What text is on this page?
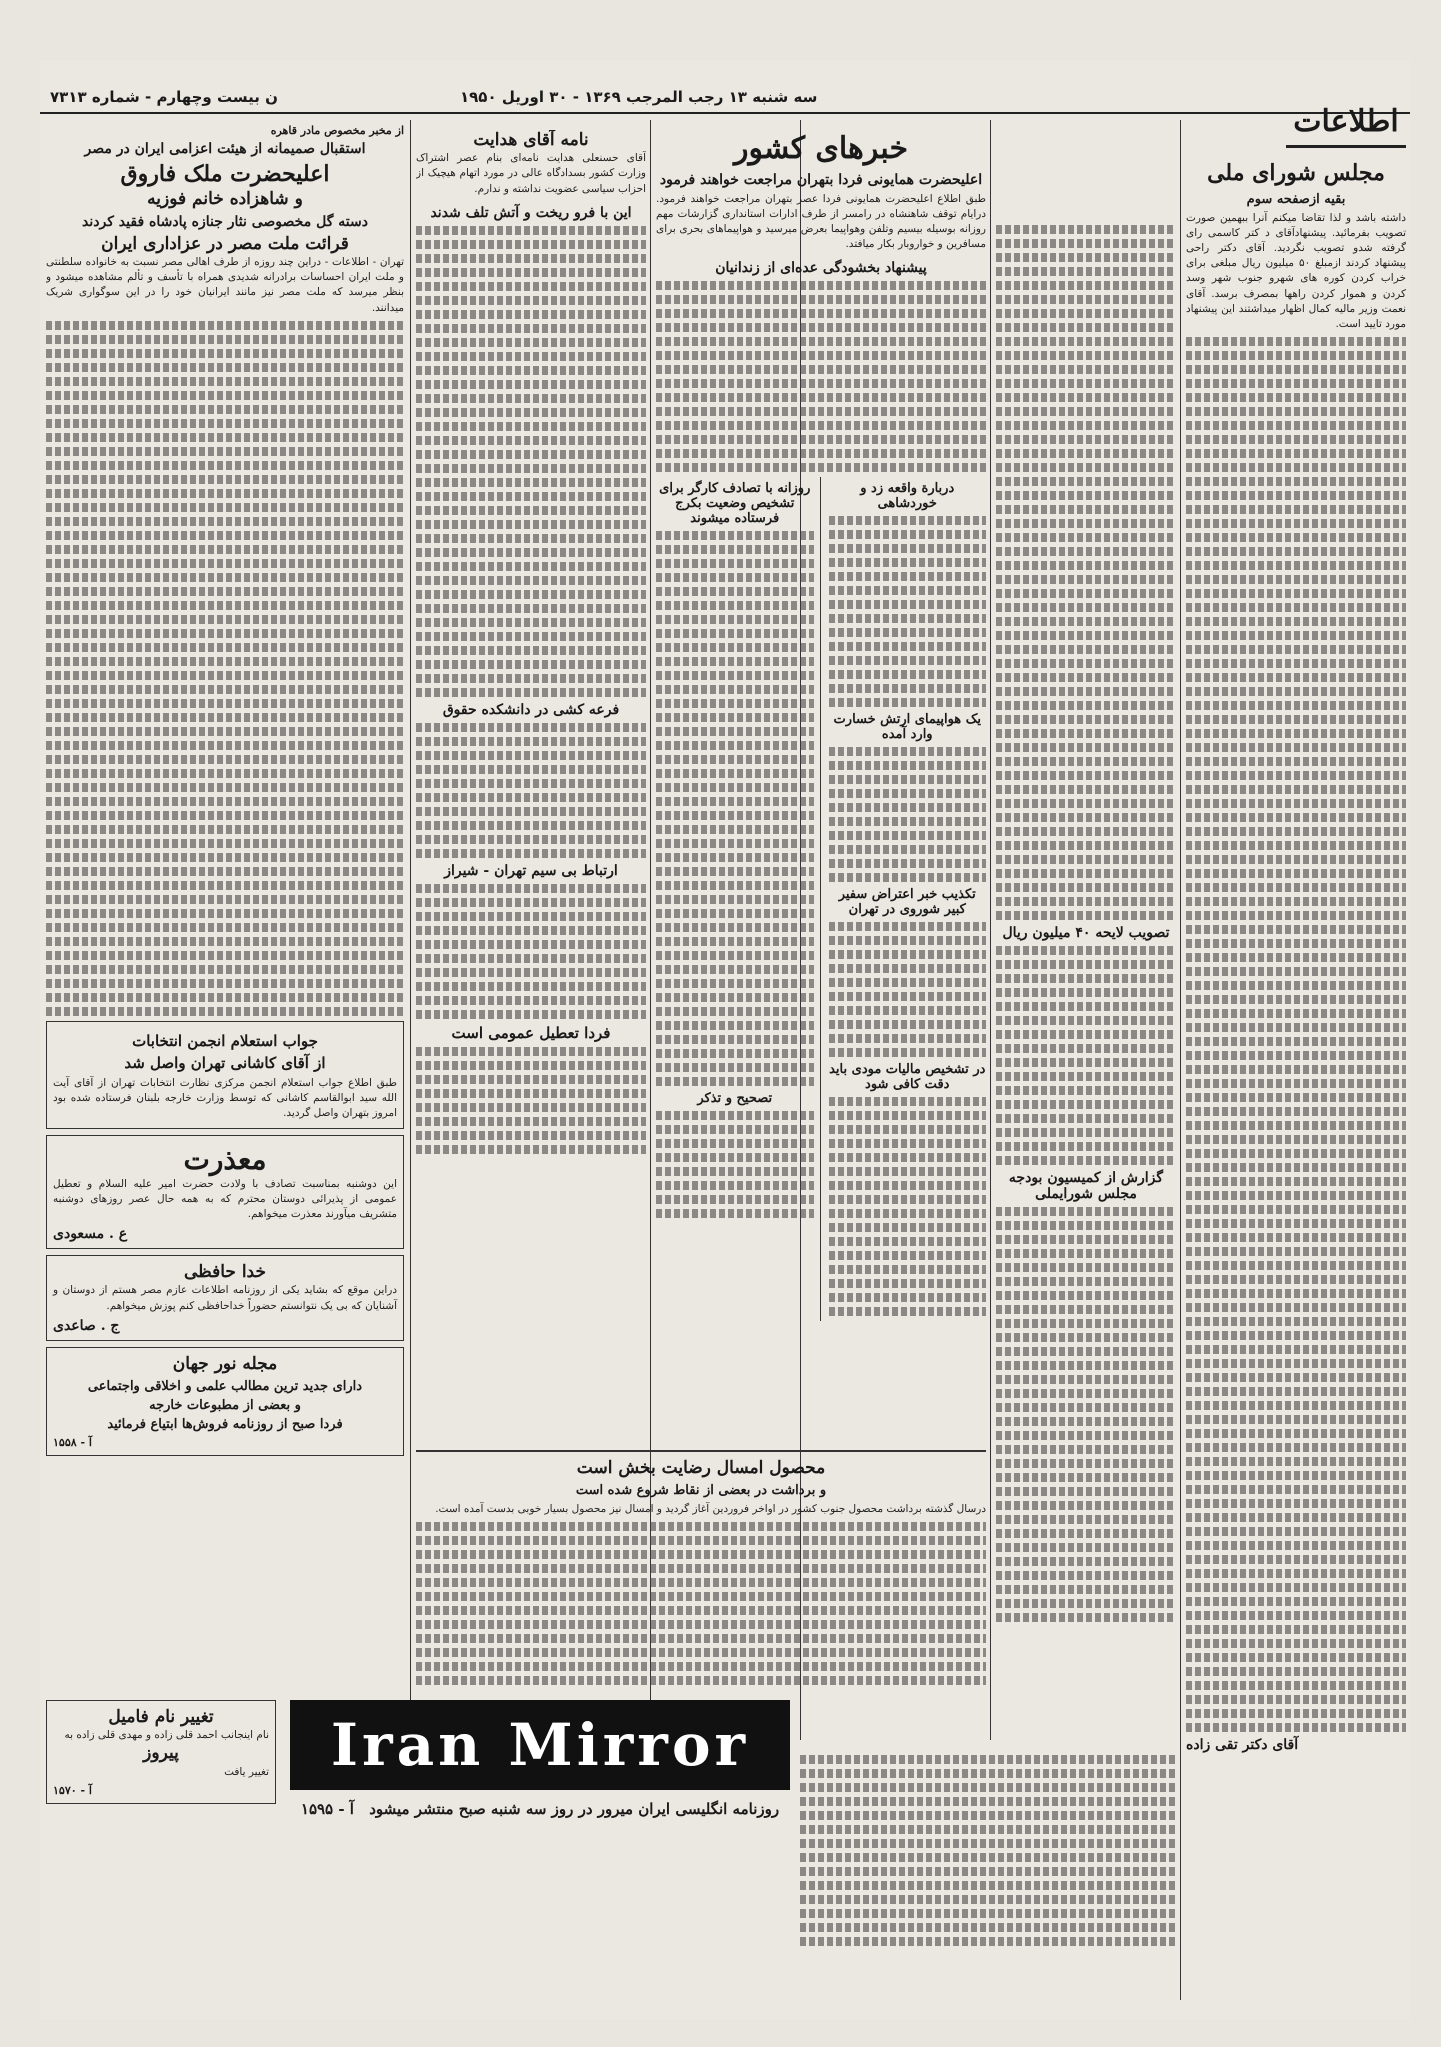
سه شنبه ۱۳ رجب المرجب ۱۳۶۹ - ۳۰ اوریل ۱۹۵۰
ن بیست وچهارم - شماره ۷۳۱۳
اطلاعات
مجلس شورای ملی
بقیه ازصفحه سوم
داشته باشد و لذا تقاضا میکنم آنرا ببهمین صورت تصویب بفرمائید. پیشنهادآقای د کتر کاسمی رای گرفته شدو تصویب نگردید. آقای دکتر راحی پیشنهاد کردند ازمبلغ ۵۰ میلیون ریال مبلغی برای خراب کردن کوره های شهرو جنوب شهر وسد کردن و هموار کردن راهها بمصرف برسد. آقای نعمت وزیر مالیه کمال اظهار میداشتند این پیشنهاد مورد تایید است.
آقای دکتر تقی زاده
تصویب لایحه ۴۰ میلیون ریال
گزارش از کمیسیون بودجه مجلس شورایملی
خبرهای کشور
اعلیحضرت همایونی فردا بتهران مراجعت خواهند فرمود
طبق اطلاع اعلیحضرت همایونی فردا عصر بتهران مراجعت خواهند فرمود. درایام توقف شاهنشاه در رامسر از طرف ادارات استانداری گزارشات مهم روزانه بوسیله بیسیم وتلفن وهواپیما بعرض میرسید و هواپیماهای بحری برای مسافرین و خواروبار بکار میافتد.
پیشنهاد بخشودگی عده‌ای از زندانیان
دربارة واقعه زد و خوردشاهی
یک هواپیمای ارتش خسارت وارد آمده
تکذیب خبر اعتراض سفیر کبیر شوروی در تهران
در تشخیص مالیات مودی باید دقت کافی شود
روزانه با تصادف کارگر برای تشخیص وضعیت بکرج فرستاده میشوند
تصحیح و تذکر
نامه آقای هدایت
آقای حسنعلی هدایت نامه‌ای بنام عصر اشتراک وزارت کشور بسدادگاه عالی در مورد اتهام هیچیک از احزاب سیاسی عضویت نداشته و ندارم.
این با فرو ریخت و آتش تلف شدند
فرعه کشی در دانشکده حقوق
ارتباط بی سیم تهران - شیراز
فردا تعطیل عمومی است
محصول امسال رضایت بخش است
و برداشت در بعضی از نقاط شروع شده است
درسال گذشته برداشت محصول جنوب کشور در اواخر فروردین آغاز گردید و امسال نیز محصول بسیار خوبی بدست آمده است.
از مخبر مخصوص مادر قاهره
استقبال صمیمانه از هیئت اعزامی ایران در مصر
اعلیحضرت ملک فاروق
و شاهزاده خانم فوزیه
دسته گل مخصوصی نثار جنازه پادشاه فقید کردند
قرائت ملت مصر در عزاداری ایران
تهران - اطلاعات - دراین چند روزه از طرف اهالی مصر نسبت به خانواده سلطنتی و ملت ایران احساسات برادرانه شدیدی همراه با تأسف و تألم مشاهده میشود و بنظر میرسد که ملت مصر نیز مانند ایرانیان خود را در این سوگواری شریک میدانند.
جواب استعلام انجمن انتخابات
از آقای کاشانی تهران واصل شد
طبق اطلاع جواب استعلام انجمن مرکزی نظارت انتخابات تهران از آقای آیت الله سید ابوالقاسم کاشانی که توسط وزارت خارجه بلبنان فرستاده شده بود امروز بتهران واصل گردید.
معذرت
این دوشنبه بمناسبت تصادف با ولادت حضرت امیر علیه السلام و تعطیل عمومی از پذیرائی دوستان محترم که به همه حال عصر روزهای دوشنبه متشریف میآورند معذرت میخواهم.
ع . مسعودی
خدا حافظی
دراین موقع که بشاید یکی از روزنامه اطلاعات عازم مصر هستم از دوستان و آشنایان که بی یک نتوانستم حضوراً خداحافظی کنم پوزش میخواهم.
ج . صاعدی
مجله نور جهان
دارای جدید ترین مطالب علمی و اخلاقی واجتماعی
و بعضی از مطبوعات خارجه
فردا صبح از روزنامه فروش‌ها ابتیاع فرمائید
آ - ۱۵۵۸
تغییر نام فامیل
نام اینجانب احمد قلی زاده و مهدی قلی زاده به
پیروز
تغییر یافت
آ - ۱۵۷۰
Iran Mirror
روزنامه انگلیسی ایران میرور در روز سه شنبه صبح منتشر میشود آ - ۱۵۹۵
